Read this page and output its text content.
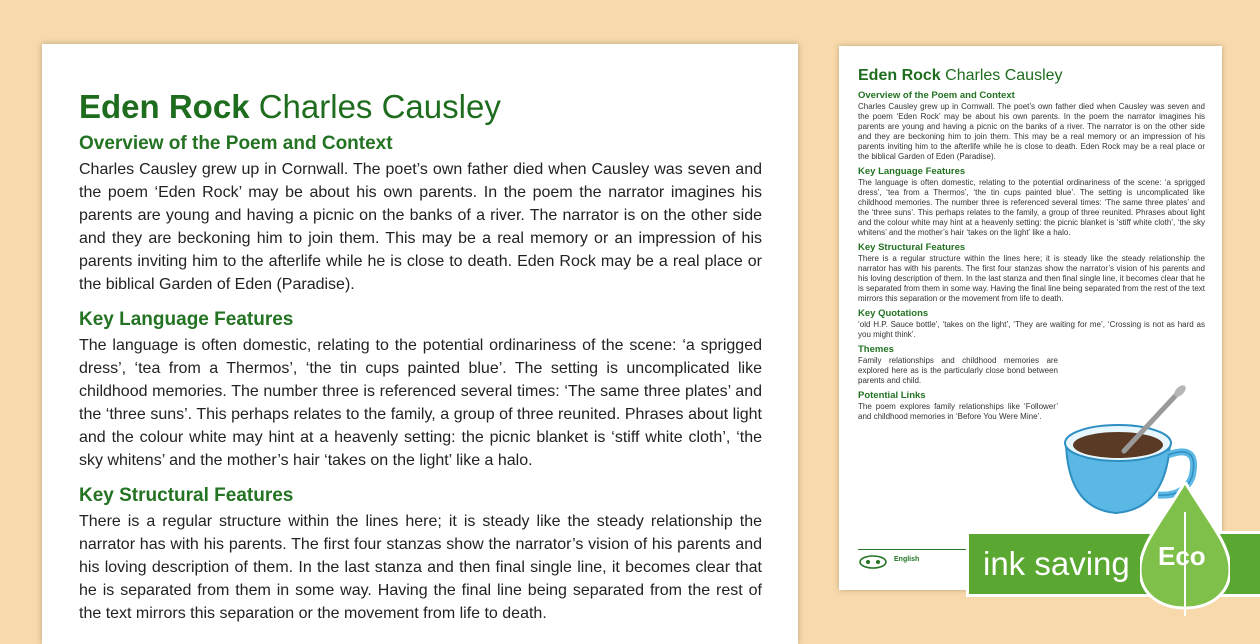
Eden Rock Charles Causley
Overview of the Poem and Context

Charles Causley grew up in Cornwall. The poet’s own father died when Causley was seven and the poem ‘Eden Rock’ may be about his own parents. In the poem the narrator imagines his parents are young and having a picnic on the banks of a river. The narrator is on the other side and they are beckoning him to join them. This may be a real memory or an impression of his parents inviting him to the afterlife while he is close to death. Eden Rock may be a real place or the biblical Garden of Eden (Paradise).

Key Language Features

The language is often domestic, relating to the potential ordinariness of the scene: ‘a sprigged dress’, ‘tea from a Thermos’, ‘the tin cups painted blue’. The setting is uncomplicated like childhood memories. The number three is referenced several times: ‘The same three plates’ and the ‘three suns’. This perhaps relates to the family, a group of three reunited. Phrases about light and the colour white may hint at a heavenly setting: the picnic blanket is ‘stiff white cloth’, ‘the sky whitens’ and the mother’s hair ‘takes on the light’ like a halo.

Key Structural Features

There is a regular structure within the lines here; it is steady like the steady relationship the narrator has with his parents. The first four stanzas show the narrator’s vision of his parents and his loving description of them. In the last stanza and then final single line, it becomes clear that he is separated from them in some way. Having the final line being separated from the rest of the text mirrors this separation or the movement from life to death.

Eden Rock Charles Causley
Overview of the Poem and Context

Charles Causley grew up in Cornwall. The poet’s own father died when Causley was seven and the poem ‘Eden Rock’ may be about his own parents. In the poem the narrator imagines his parents are young and having a picnic on the banks of a river. The narrator is on the other side and they are beckoning him to join them. This may be a real memory or an impression of his parents inviting him to the afterlife while he is close to death. Eden Rock may be a real place or the biblical Garden of Eden (Paradise).

Key Language Features

The language is often domestic, relating to the potential ordinariness of the scene: ‘a sprigged dress’, ‘tea from a Thermos’, ‘the tin cups painted blue’. The setting is uncomplicated like childhood memories. The number three is referenced several times: ‘The same three plates’ and the ‘three suns’. This perhaps relates to the family, a group of three reunited. Phrases about light and the colour white may hint at a heavenly setting: the picnic blanket is ‘stiff white cloth’, ‘the sky whitens’ and the mother’s hair ‘takes on the light’ like a halo.

Key Structural Features

There is a regular structure within the lines here; it is steady like the steady relationship the narrator has with his parents. The first four stanzas show the narrator’s vision of his parents and his loving description of them. In the last stanza and then final single line, it becomes clear that he is separated from them in some way. Having the final line being separated from the rest of the text mirrors this separation or the movement from life to death.

Key Quotations

‘old H.P. Sauce bottle’, ‘takes on the light’, ‘They are waiting for me’, ‘Crossing is not as hard as you might think’.

Themes

Family relationships and childhood memories are explored here as is the particularly close bond between parents and child.

Potential Links

The poem explores family relationships like ‘Follower’ and childhood memories in ‘Before You Were Mine’.

English ink saving Eco
